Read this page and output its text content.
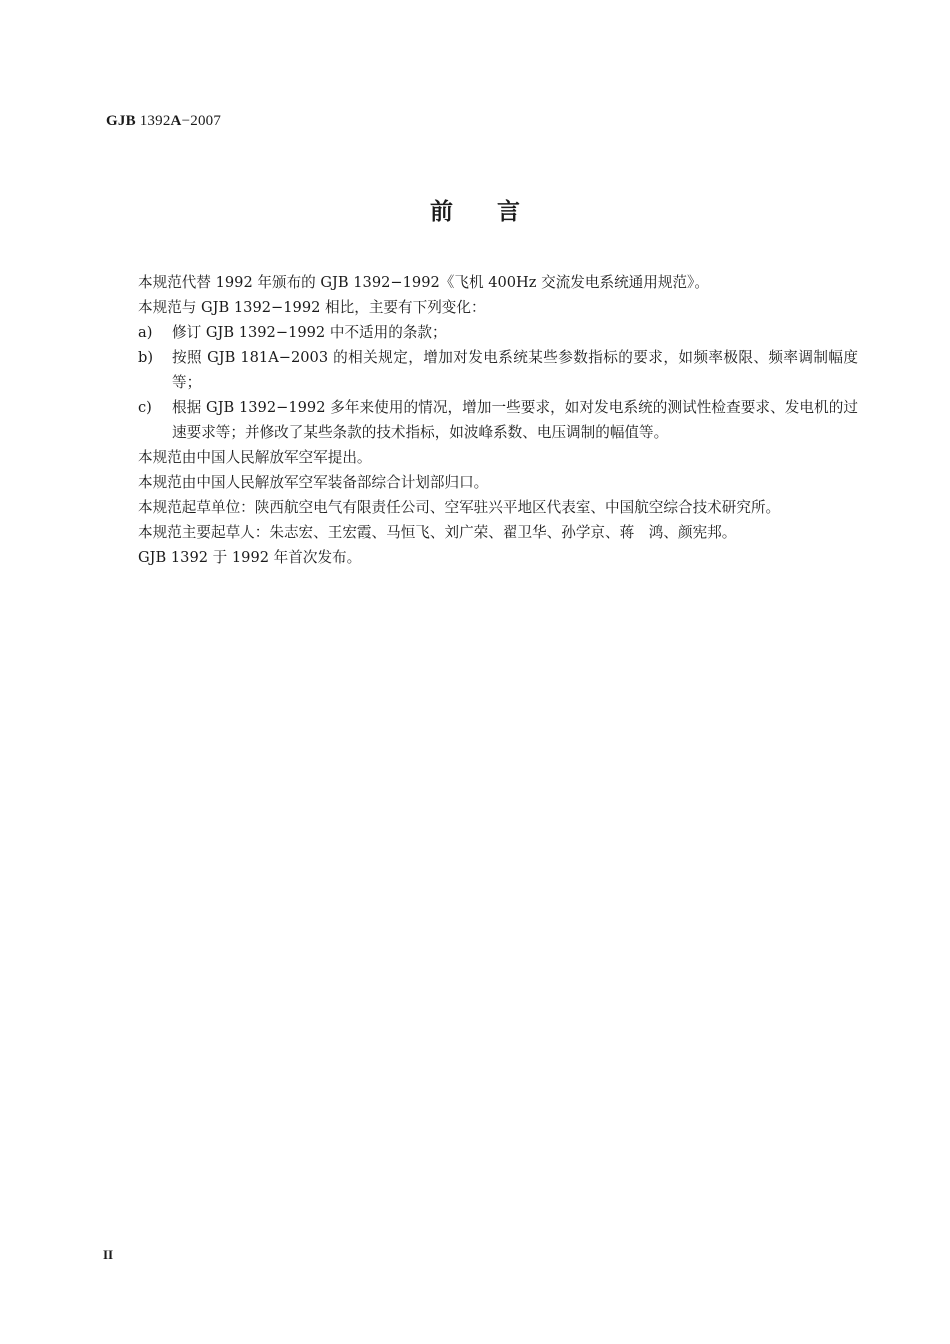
GJB 1392A−2007
前言

本规范代替 1992 年颁布的 GJB 1392−1992《飞机 400Hz 交流发电系统通用规范》。

本规范与 GJB 1392−1992 相比，主要有下列变化：

a)	修订 GJB 1392−1992 中不适用的条款；
b)	按照 GJB 181A−2003 的相关规定，增加对发电系统某些参数指标的要求，如频率极限、频率调制幅度等；
c)	根据 GJB 1392−1992 多年来使用的情况，增加一些要求，如对发电系统的测试性检查要求、发电机的过速要求等；并修改了某些条款的技术指标，如波峰系数、电压调制的幅值等。

本规范由中国人民解放军空军提出。

本规范由中国人民解放军空军装备部综合计划部归口。

本规范起草单位：陕西航空电气有限责任公司、空军驻兴平地区代表室、中国航空综合技术研究所。

本规范主要起草人：朱志宏、王宏霞、马恒飞、刘广荣、翟卫华、孙学京、蒋　鸿、颜宪邦。

GJB 1392 于 1992 年首次发布。

II
